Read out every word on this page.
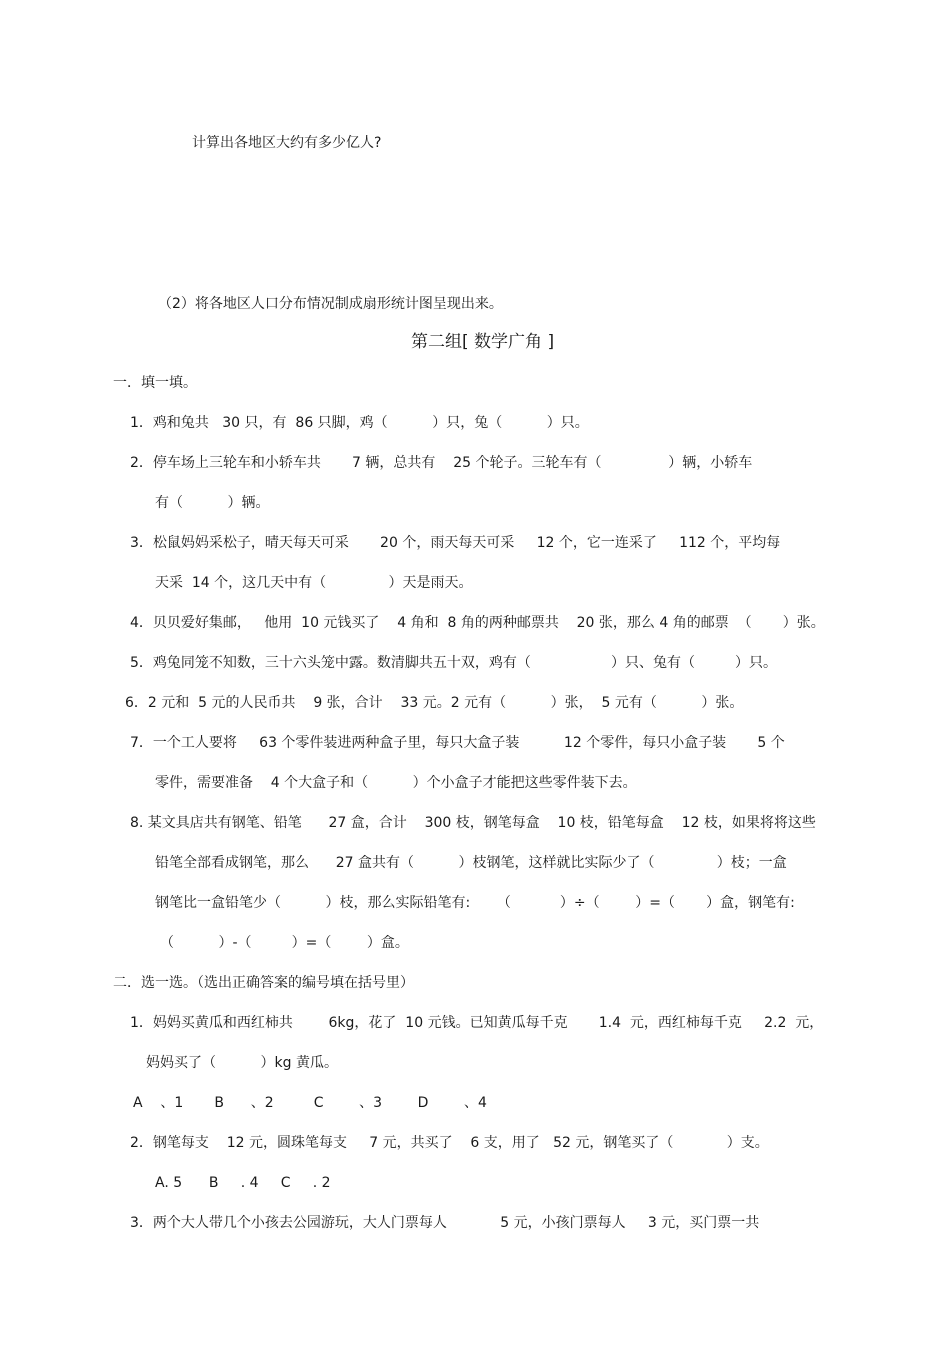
计算出各地区大约有多少亿人?
（2）将各地区人口分布情况制成扇形统计图呈现出来。
第二组[ 数学广角 ]
一．填一填。
1．鸡和兔共   30 只，有  86 只脚，鸡（          ）只，兔（          ）只。
2．停车场上三轮车和小轿车共       7 辆，总共有    25 个轮子。三轮车有（               ）辆，小轿车
有（          ）辆。
3．松鼠妈妈采松子，晴天每天可采       20 个，雨天每天可采     12 个，它一连采了     112 个，平均每
天采  14 个，这几天中有（              ）天是雨天。
4．贝贝爱好集邮，   他用  10 元钱买了    4 角和  8 角的两种邮票共    20 张，那么 4 角的邮票  （       ）张。
5．鸡兔同笼不知数，三十六头笼中露。数清脚共五十双，鸡有（                  ）只、兔有（         ）只。
6．2 元和  5 元的人民币共    9 张，合计    33 元。2 元有（          ）张，  5 元有（          ）张。
7．一个工人要将     63 个零件装进两种盒子里，每只大盒子装          12 个零件，每只小盒子装       5 个
零件，需要准备    4 个大盒子和（          ）个小盒子才能把这些零件装下去。
8. 某文具店共有钢笔、铅笔      27 盒，合计    300 枝，钢笔每盒    10 枝，铅笔每盒    12 枝，如果将将这些
铅笔全部看成钢笔，那么      27 盒共有（          ）枝钢笔，这样就比实际少了（              ）枝；一盒
钢笔比一盒铅笔少（          ）枝，那么实际铅笔有:      （           ）÷（        ）=（       ）盒，钢笔有:
（          ）-（         ）=（        ）盒。
二．选一选。（选出正确答案的编号填在括号里）
1．妈妈买黄瓜和西红柿共        6kg，花了  10 元钱。已知黄瓜每千克       1.4  元，西红柿每千克     2.2  元，
妈妈买了（          ）kg 黄瓜。
A    、1       B      、2         C        、3        D        、4
2．钢笔每支    12 元，圆珠笔每支     7 元，共买了    6 支，用了   52 元，钢笔买了（            ）支。
A. 5      B     . 4     C     . 2
3．两个大人带几个小孩去公园游玩，大人门票每人            5 元，小孩门票每人     3 元，买门票一共
